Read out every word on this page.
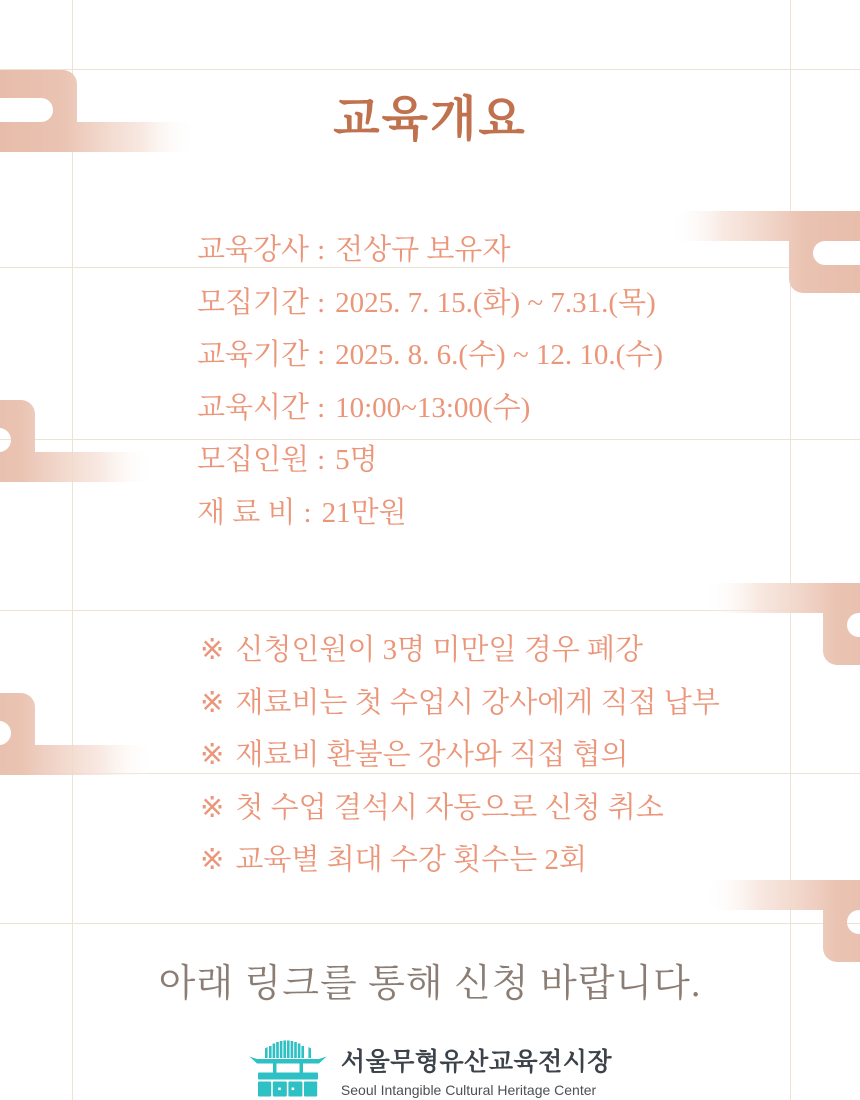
교육개요
교육강사 : 전상규 보유자
모집기간 : 2025. 7. 15.(화) ~ 7.31.(목)
교육기간 : 2025. 8. 6.(수) ~ 12. 10.(수)
교육시간 : 10:00~13:00(수)
모집인원 : 5명
재 료 비 : 21만원
※ 신청인원이 3명 미만일 경우 폐강
※ 재료비는 첫 수업시 강사에게 직접 납부
※ 재료비 환불은 강사와 직접 협의
※ 첫 수업 결석시 자동으로 신청 취소
※ 교육별 최대 수강 횟수는 2회
아래 링크를 통해 신청 바랍니다.
서울무형유산교육전시장
Seoul Intangible Cultural Heritage Center
